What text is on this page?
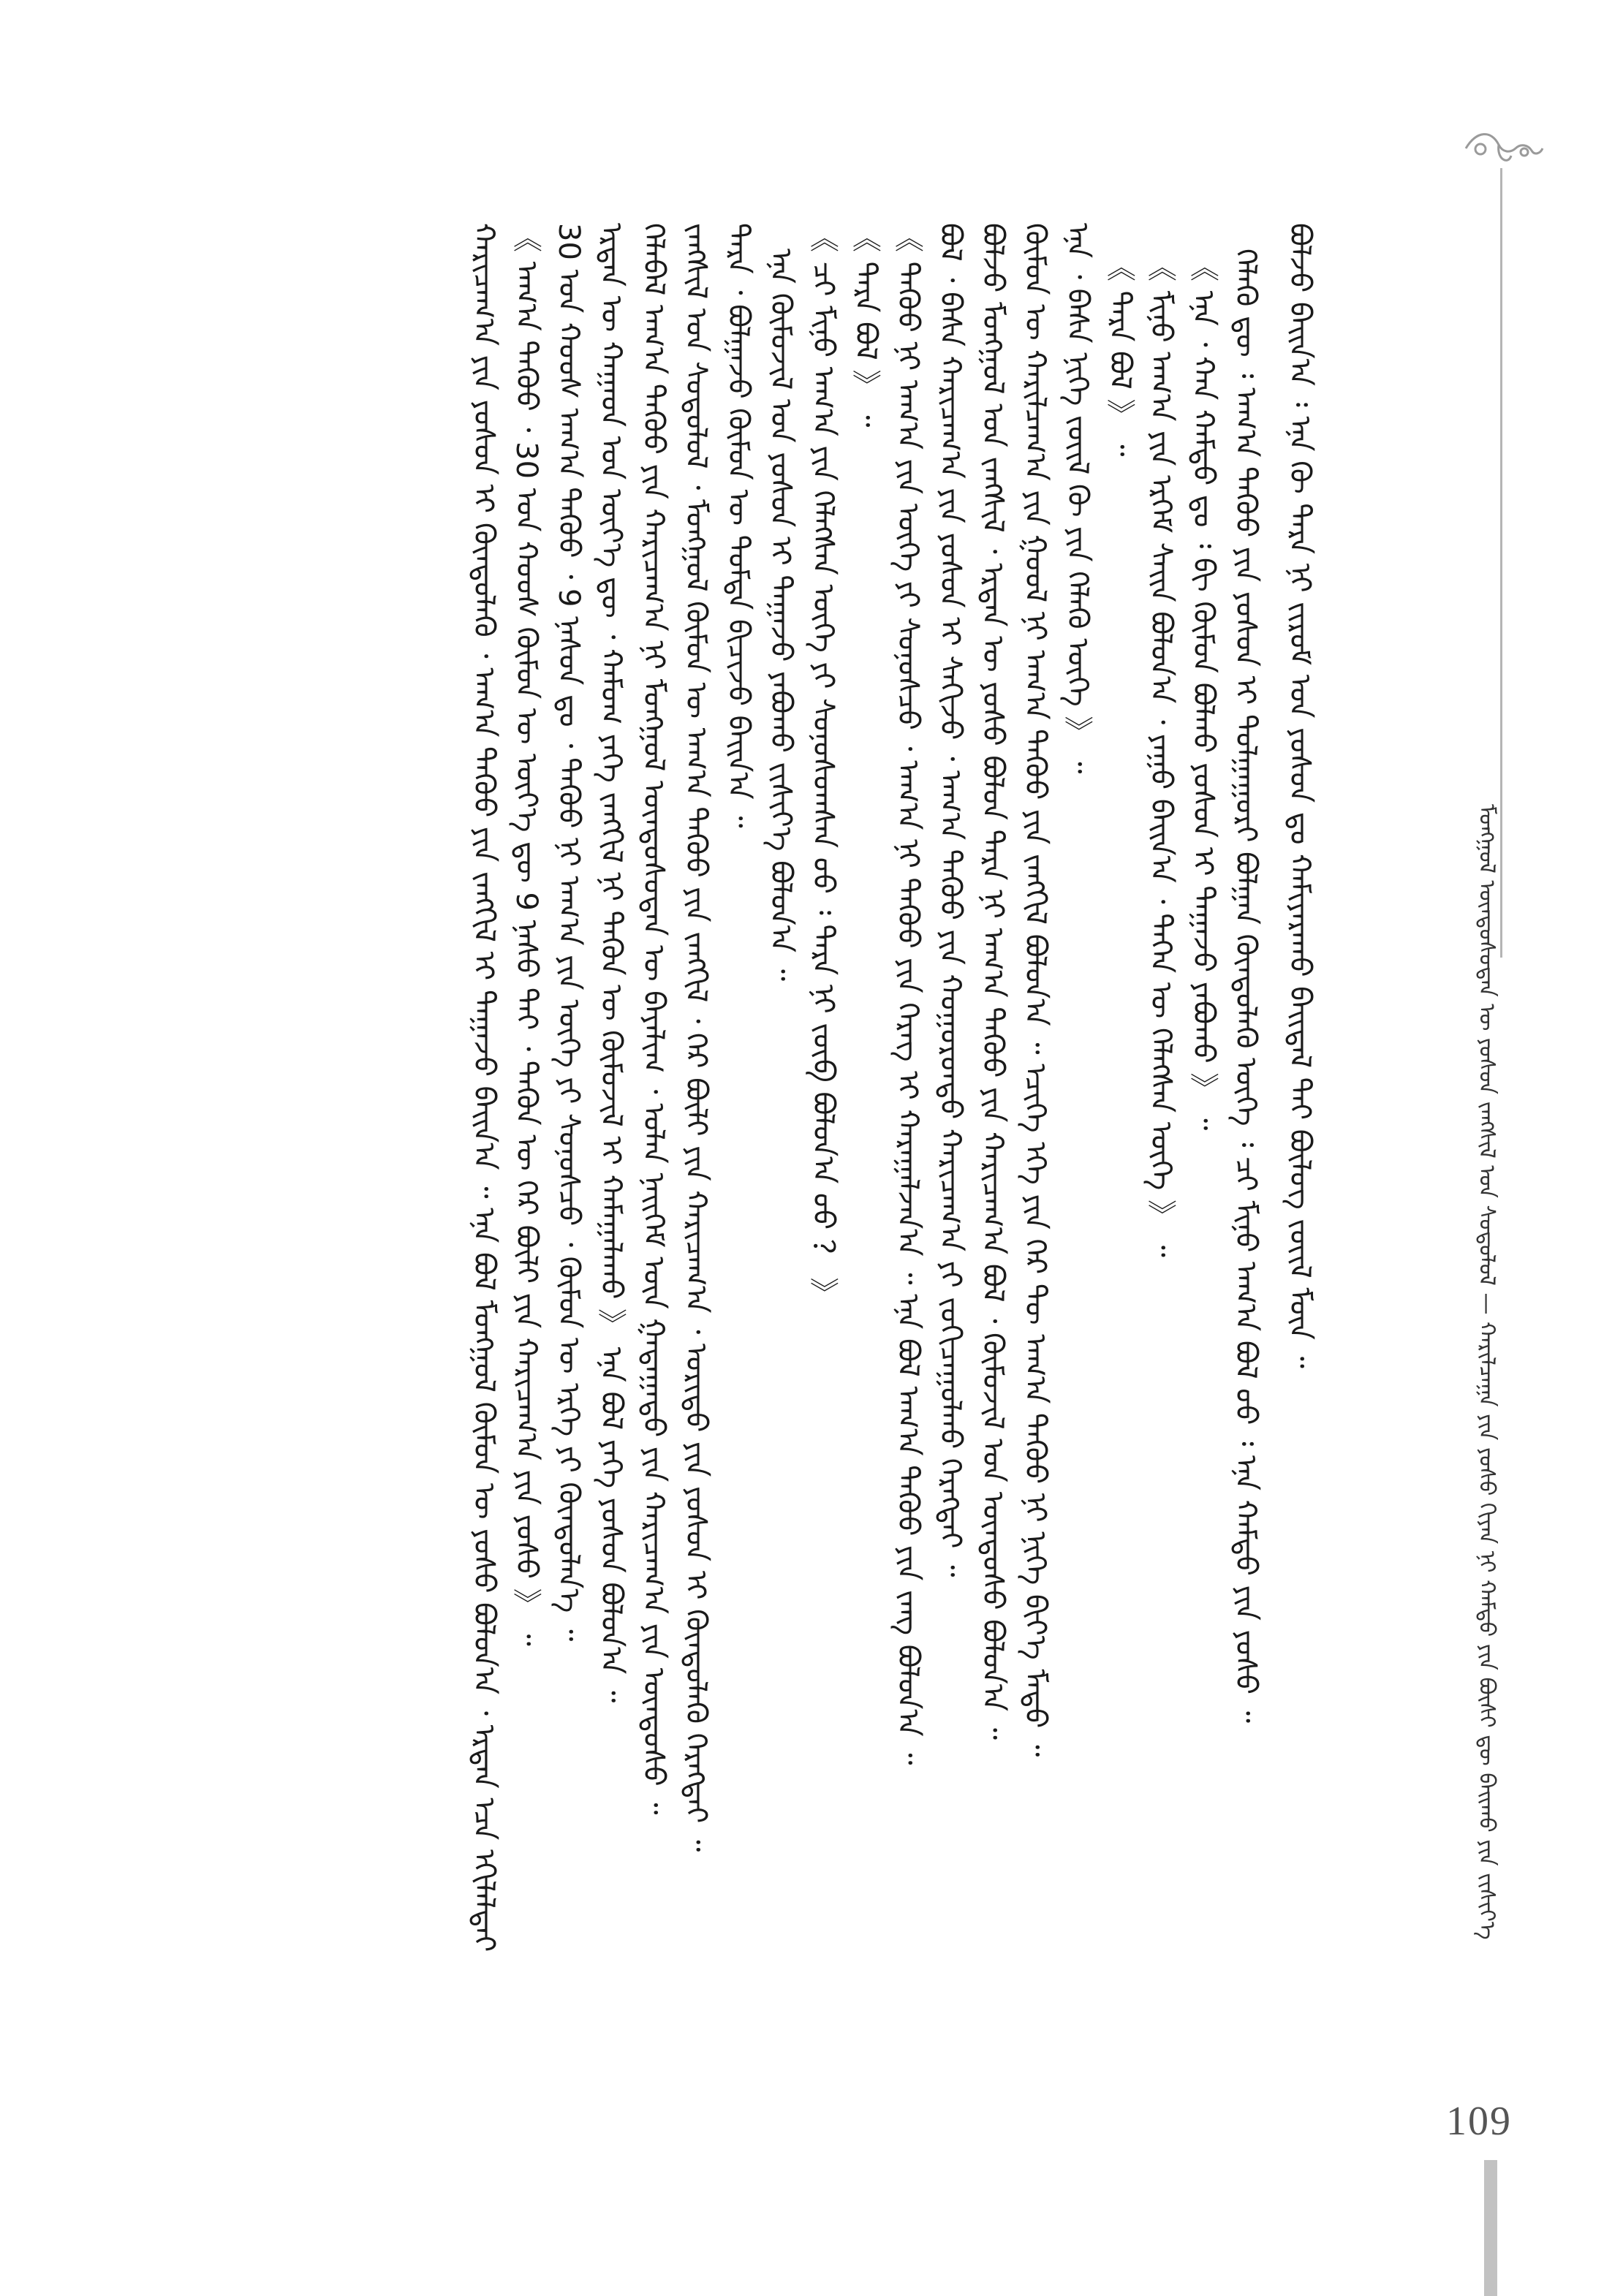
ᠮᠣᠩᠭᠣᠯ ᠦᠨᠳᠦᠰᠦᠲᠡᠨ ᠦ ᠶᠣᠰᠣᠨ ᠵᠠᠩᠰᠢᠯ ᠤᠨ ᠰᠤᠳᠤᠯᠤᠯ — ᠬᠠᠷᠢᠯᠴᠠᠭᠠ ᠶᠢᠨ ᠶᠣᠰᠣ ᠭᠢᠶᠠᠨ ᠨᠢ ᠬᠠᠮᠲᠤ ᠶᠢᠨ ᠪᠦᠰᠢ ᠳᠦ ᠪᠠᠢᠬᠤ ᠶᠢᠨ ᠵᠢᠱᠢᠶ᠎ᠡ
ᠪᠣᠯᠵᠤ ᠪᠠᠢᠨ᠎ᠠ ᠄ ᠡᠨᠡ ᠬᠦ ᠲᠡᠷᠡ ᠨᠢ ᠵᠢᠷᠤᠮ ᠤᠨ ᠶᠣᠰᠣᠨ ᠳᠤ ᠬᠠᠮᠢᠶᠠᠷᠠᠬᠤ ᠪᠠᠢᠳᠠᠯ ᠲᠠᠢ ᠪᠦᠯᠦᠭ᠌ ᠵᠦᠢᠯ ᠮᠦᠨ ᠃
ᠬᠡᠯᠡᠬᠦ ᠳᠦ ᠄ ᠠᠬ᠎ᠠ ᠳᠡᠭᠦᠦ ᠶᠢᠨ ᠶᠣᠰᠣᠨ ᠢ ᠲᠤᠯᠭᠠᠭᠤᠷᠢ ᠪᠣᠯᠭᠠᠨ ᠬᠦᠨᠳᠦᠯᠡᠬᠦ ᠦᠭᠡ ᠄ ᠴᠢ ᠮᠢᠨᠦ ᠠᠬ᠎ᠠ ᠪᠣᠯ ᠦᠦ ᠄ ᠡᠨᠡ ᠬᠠᠮᠲᠤ ᠶᠢᠨ ᠶᠣᠰᠣ ᠃
《 ᠡᠨᠡ ᠂ ᠬᠠᠨ ᠬᠠᠮᠲᠤ ᠳᠤ ᠄ ᠪᠢ ᠬᠦᠮᠦᠨ ᠪᠣᠯᠬᠤ ᠶᠣᠰᠣᠨ ᠢ ᠳᠠᠭᠠᠵᠤ ᠶᠠᠪᠤᠬᠤ 》 ᠃
《 ᠮᠢᠨᠦ ᠠᠬ᠎ᠠ ᠶᠢᠨ ᠡᠷᠬᠡᠮ ᠰᠠᠢᠨ ᠪᠣᠯᠤᠨ᠎ᠠ ᠂ ᠶᠠᠭᠤ ᠪᠠᠢᠨ᠎ᠠ ᠂ ᠲᠡᠭᠡᠨ ᠦ ᠬᠡᠯᠡᠭᠰᠡᠨ ᠦᠭᠡ 》 ᠃
《 ᠲᠡᠷᠡ ᠪᠣᠯ 》 ᠃
ᠡᠨᠡ ᠂ ᠪᠠᠰᠠ ᠨᠢᠭᠡ ᠵᠦᠢᠯ ᠬᠦ ᠶᠢᠨ ᠬᠡᠯᠡᠬᠦ ᠦᠭᠡ 》 ᠃
ᠬᠦᠮᠦᠨ ᠦ ᠬᠠᠷᠢᠯᠴᠠᠭ᠎ᠠ ᠶᠢᠨ ᠭᠣᠣᠯ ᠨᠢ ᠠᠬ᠎ᠠ ᠳᠡᠭᠦᠦ ᠶᠢᠨ ᠵᠠᠩᠬᠢᠯ ᠪᠣᠯᠤᠨ᠎ᠠ ᠃ ᠡᠴᠢᠭᠡ ᠡᠬᠡ ᠶᠢᠨ ᠭᠡᠷ ᠲᠦ ᠠᠬ᠎ᠠ ᠳᠡᠭᠦᠦ ᠨᠢ ᠨᠢᠭᠡ ᠪᠢᠶ᠎ᠡ ᠮᠡᠲᠦ ᠃
ᠪᠣᠯᠵᠤ ᠮᠣᠩᠭᠣᠯ ᠤᠨ ᠵᠠᠩᠰᠢᠯ ᠂ ᠡᠷᠲᠡᠨ ᠦ ᠶᠣᠰᠣ ᠪᠣᠯᠤᠨ ᠲᠡᠷᠡ ᠨᠢ ᠠᠬ᠎ᠠ ᠳᠡᠭᠦᠦ ᠶᠢᠨ ᠬᠠᠷᠢᠴᠠᠭ᠎ᠠ ᠪᠣᠯ ᠂ ᠬᠦᠮᠦᠵᠢᠯ ᠤᠨ ᠦᠨᠳᠦᠰᠦ ᠪᠣᠯᠤᠨ᠎ᠠ ᠃
ᠪᠣᠯ ᠂ ᠪᠠᠰᠠ ᠬᠠᠷᠢᠴᠠᠭ᠎ᠠ ᠶᠢᠨ ᠶᠣᠰᠣᠨ ᠢ ᠰᠠᠬᠢᠵᠤ ᠂ ᠠᠬ᠎ᠠ ᠳᠡᠭᠦᠦ ᠶᠢᠨ ᠬᠣᠭᠣᠷᠤᠨᠳᠤ ᠬᠠᠷᠢᠴᠠᠭ᠎ᠠ ᠶᠢ ᠵᠣᠬᠢᠴᠠᠭᠤᠯᠬᠤ ᠬᠡᠷᠡᠭᠲᠡᠢ ᠃
《 ᠳᠡᠭᠦᠦ ᠨᠢ ᠠᠬ᠎ᠠ ᠶᠢᠨ ᠦᠭᠡ ᠶᠢ ᠰᠣᠨᠣᠰᠴᠤ ᠂ ᠠᠬ᠎ᠠ ᠨᠢ ᠳᠡᠭᠦᠦ ᠶᠢᠨ ᠬᠡᠷᠡᠭ ᠢ ᠬᠠᠷᠠᠭᠠᠯᠵᠠᠨ᠎ᠠ ᠃ ᠡᠨᠡ ᠪᠣᠯ ᠠᠬ᠎ᠠ ᠳᠡᠭᠦᠦ ᠶᠢᠨ ᠵᠠᠩ ᠪᠣᠯᠤᠨ᠎ᠠ ᠃
《 ᠲᠡᠷᠡ ᠪᠣᠯ 》 ᠃
《 ᠴᠢ ᠮᠢᠨᠦ ᠠᠬ᠎ᠠ ᠶᠢᠨ ᠬᠡᠯᠡᠭᠰᠡᠨ ᠦᠭᠡ ᠶᠢ ᠰᠣᠨᠣᠰᠤᠭᠰᠠᠨ ᠦᠦ ᠄ ᠲᠡᠷᠡ ᠨᠢ ᠵᠦᠪ ᠪᠣᠯᠤᠨ᠎ᠠ ᠤᠤ ？ 》
ᠡᠨᠡ ᠬᠦᠮᠦᠵᠢᠯ ᠤᠨ ᠶᠣᠰᠣᠨ ᠢ ᠳᠠᠭᠠᠵᠤ ᠶᠠᠪᠤᠬᠤ ᠵᠢᠱᠢᠶ᠎ᠡ ᠪᠣᠯᠤᠨ᠎ᠠ ᠃
ᠲᠡᠷᠡ ᠂ ᠪᠣᠯᠭᠠᠵᠤ ᠬᠦᠮᠦᠨ ᠦ ᠳᠤᠮᠳᠠ ᠪᠢᠴᠢᠵᠦ ᠪᠠᠢᠨ᠎ᠠ ᠃
ᠵᠠᠩᠰᠢᠯ ᠤᠨ ᠰᠤᠳᠤᠯᠤᠯ ᠂ ᠮᠣᠩᠭᠣᠯ ᠬᠦᠮᠦᠨ ᠦ ᠠᠬ᠎ᠠ ᠳᠡᠭᠦᠦ ᠶᠢᠨ ᠵᠠᠩᠬᠢᠯ ᠂ ᠭᠡᠷ ᠪᠦᠯᠢ ᠶᠢᠨ ᠬᠠᠷᠢᠴᠠᠭ᠎ᠠ ᠂ ᠤᠷᠢᠳᠤ ᠶᠢᠨ ᠶᠣᠰᠣᠨ ᠢ ᠬᠦᠨᠳᠦᠯᠡᠬᠦ ᠬᠡᠷᠡᠭᠲᠡᠢ ᠃
ᠬᠡᠯᠡᠪᠡᠯ ᠠᠬ᠎ᠠ ᠳᠡᠭᠦᠦ ᠶᠢᠨ ᠬᠠᠷᠢᠴᠠᠭ᠎ᠠ ᠨᠢ ᠮᠣᠩᠭᠣᠯ ᠦᠨᠳᠦᠰᠦᠲᠡᠨ ᠦ ᠪᠠᠶᠠᠯᠢᠭ ᠂ ᠣᠯᠠᠨ ᠨᠡᠢᠭᠡᠮ ᠦᠨ ᠭᠠᠳᠠᠭᠠᠳᠤ ᠶᠢᠨ ᠬᠠᠷᠢᠴᠠᠭ᠎ᠠ ᠶᠢᠨ ᠦᠨᠳᠦᠰᠦ ᠃
ᠡᠷᠲᠡᠨ ᠦ ᠬᠠᠭᠠᠳ ᠤᠨ ᠦᠶ᠎ᠡ ᠳᠦ ᠂ ᠬᠠᠮᠤᠭ ᠶᠡᠬᠡ ᠵᠠᠩᠬᠢᠯ ᠨᠢ ᠲᠡᠭᠦᠨ ᠦ ᠬᠦᠮᠦᠵᠢᠯ ᠢ ᠬᠠᠮᠠᠭᠠᠯᠠᠬᠤ 》 ᠡᠨᠡ ᠪᠣᠯ ᠶᠡᠬᠡ ᠶᠣᠰᠣᠨ ᠪᠣᠯᠤᠨ᠎ᠠ ᠃
30 ᠤᠨ ᠬᠣᠣᠰ ᠠᠬ᠎ᠠ ᠳᠡᠭᠦᠦ ᠂ 9 ᠨᠠᠰᠤᠨ ᠳᠤ ᠂ ᠳᠡᠭᠦᠦ ᠨᠢ ᠠᠬ᠎ᠠ ᠶᠢᠨ ᠦᠭᠡ ᠶᠢ ᠰᠣᠨᠣᠰᠴᠤ ᠂ ᠬᠦᠮᠦᠨ ᠦ ᠡᠷᠬᠡ ᠶᠢ ᠬᠦᠨᠳᠦᠯᠡᠨ᠎ᠡ ᠃
《 ᠠᠬ᠎ᠠ ᠳᠡᠭᠦᠦ ᠂ 30 ᠤᠨ ᠬᠣᠣᠰ ᠬᠦᠮᠦᠨ ᠦ ᠦᠶ᠎ᠡ ᠳᠦ 9 ᠨᠠᠰᠤ ᠲᠠᠢ ᠂ ᠲᠡᠭᠦᠨ ᠦ ᠭᠡᠷ ᠪᠦᠯᠢ ᠶᠢᠨ ᠬᠠᠷᠢᠴᠠᠭ᠎ᠠ ᠶᠢᠨ ᠶᠣᠰᠣ 》 ᠃
ᠬᠠᠷᠢᠴᠠᠭ᠎ᠠ ᠶᠢᠨ ᠶᠣᠰᠣᠨ ᠢ ᠬᠦᠨᠳᠦᠯᠡᠬᠦ ᠂ ᠠᠬ᠎ᠠ ᠳᠡᠭᠦᠦ ᠶᠢᠨ ᠵᠠᠩᠬᠢᠯ ᠢ ᠳᠠᠭᠠᠵᠤ ᠪᠠᠢᠨ᠎ᠠ ᠃ ᠡᠨᠡ ᠪᠣᠯ ᠮᠣᠩᠭᠣᠯ ᠬᠦᠮᠦᠨ ᠦ ᠶᠣᠰᠣ ᠪᠣᠯᠤᠨ᠎ᠠ ᠂ ᠡᠷᠲᠡᠨ ᠡᠴᠡ ᠡᠬᠢᠯᠡᠯᠲᠡᠢ
109
